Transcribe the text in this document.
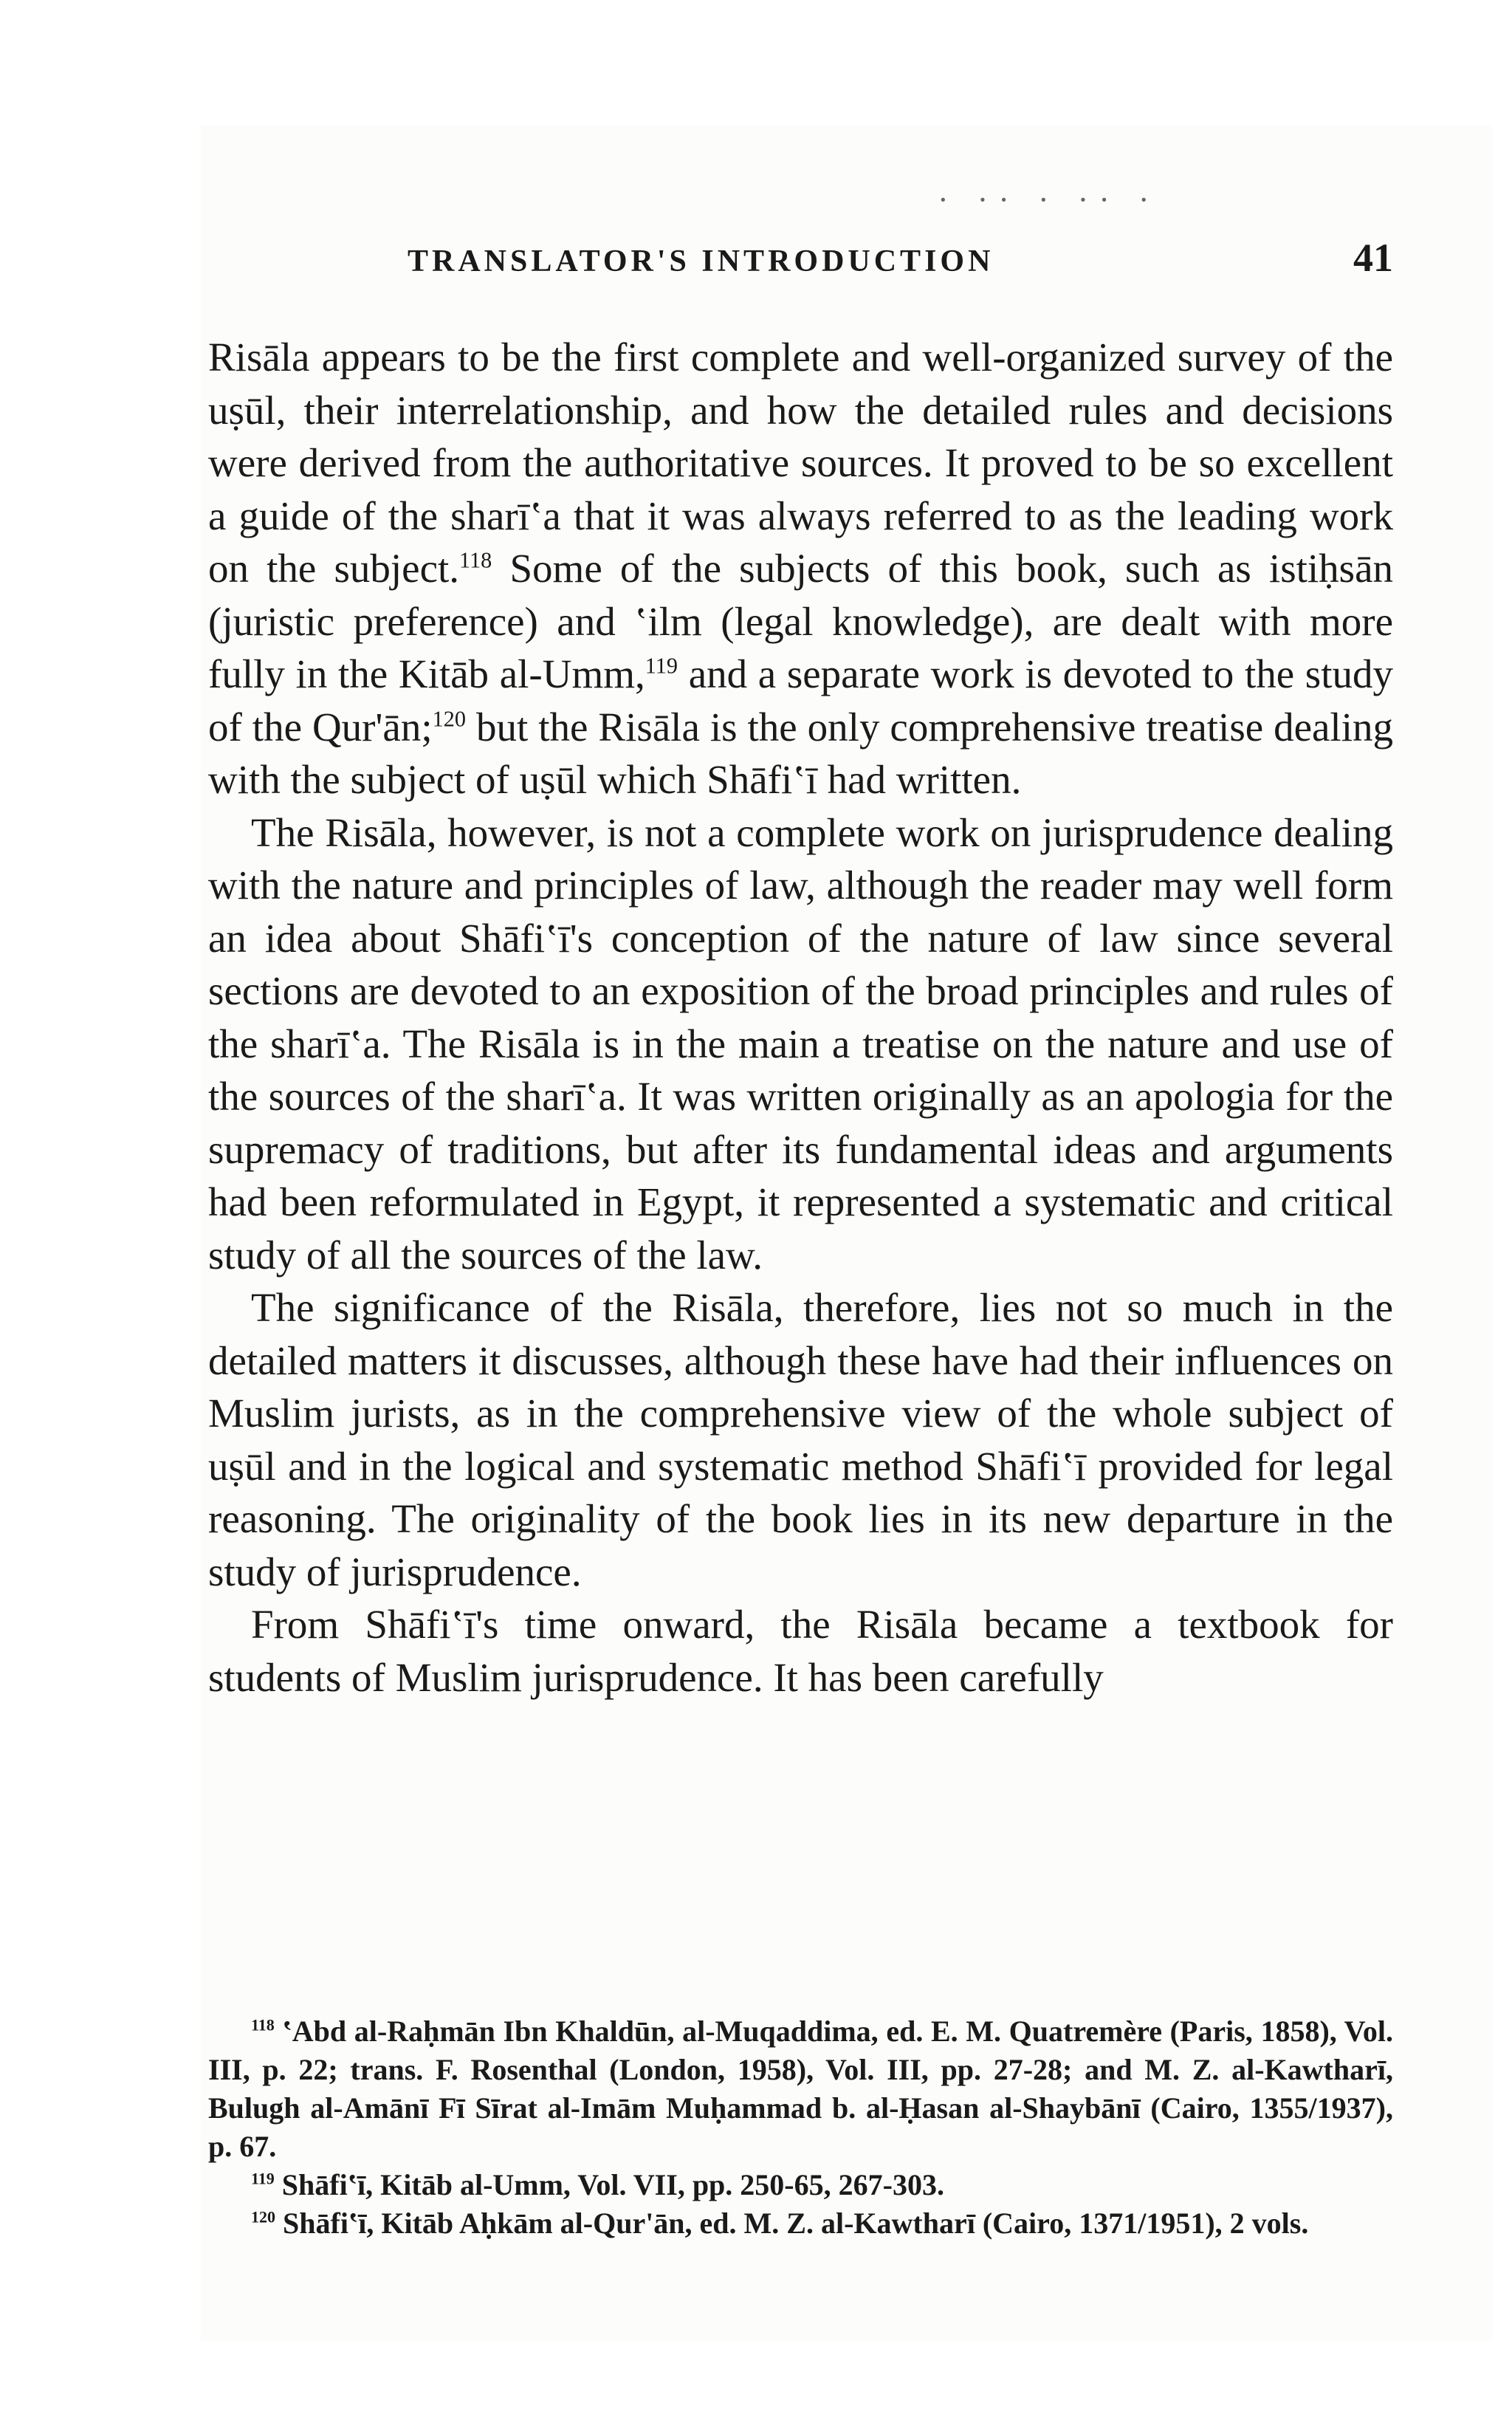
· ·· · ·· ·
TRANSLATOR'S INTRODUCTION	41

Risāla appears to be the first complete and well-organized survey of the uṣūl, their interrelationship, and how the detailed rules and decisions were derived from the authoritative sources. It proved to be so excellent a guide of the sharīʽa that it was always referred to as the leading work on the subject.$^{118}$ Some of the subjects of this book, such as istiḥsān (juristic preference) and ʽilm (legal knowledge), are dealt with more fully in the Kitāb al-Umm,$^{119}$ and a separate work is devoted to the study of the Qur'ān;$^{120}$ but the Risāla is the only comprehensive treatise dealing with the subject of uṣūl which Shāfiʽī had written.

The Risāla, however, is not a complete work on jurisprudence dealing with the nature and principles of law, although the reader may well form an idea about Shāfiʽī's conception of the nature of law since several sections are devoted to an exposition of the broad principles and rules of the sharīʽa. The Risāla is in the main a treatise on the nature and use of the sources of the sharīʽa. It was written originally as an apologia for the supremacy of traditions, but after its fundamental ideas and arguments had been reformulated in Egypt, it represented a systematic and critical study of all the sources of the law.

The significance of the Risāla, therefore, lies not so much in the detailed matters it discusses, although these have had their influences on Muslim jurists, as in the comprehensive view of the whole subject of uṣūl and in the logical and systematic method Shāfiʽī provided for legal reasoning. The originality of the book lies in its new departure in the study of jurisprudence.

From Shāfiʽī's time onward, the Risāla became a textbook for students of Muslim jurisprudence. It has been carefully

$^{118}$ ʽAbd al-Raḥmān Ibn Khaldūn, al-Muqaddima, ed. E. M. Quatremère (Paris, 1858), Vol. III, p. 22; trans. F. Rosenthal (London, 1958), Vol. III, pp. 27-28; and M. Z. al-Kawtharī, Bulugh al-Amānī Fī Sīrat al-Imām Muḥammad b. al-Ḥasan al-Shaybānī (Cairo, 1355/1937), p. 67.

$^{119}$ Shāfiʽī, Kitāb al-Umm, Vol. VII, pp. 250-65, 267-303.

$^{120}$ Shāfiʽī, Kitāb Aḥkām al-Qur'ān, ed. M. Z. al-Kawtharī (Cairo, 1371/1951), 2 vols.
